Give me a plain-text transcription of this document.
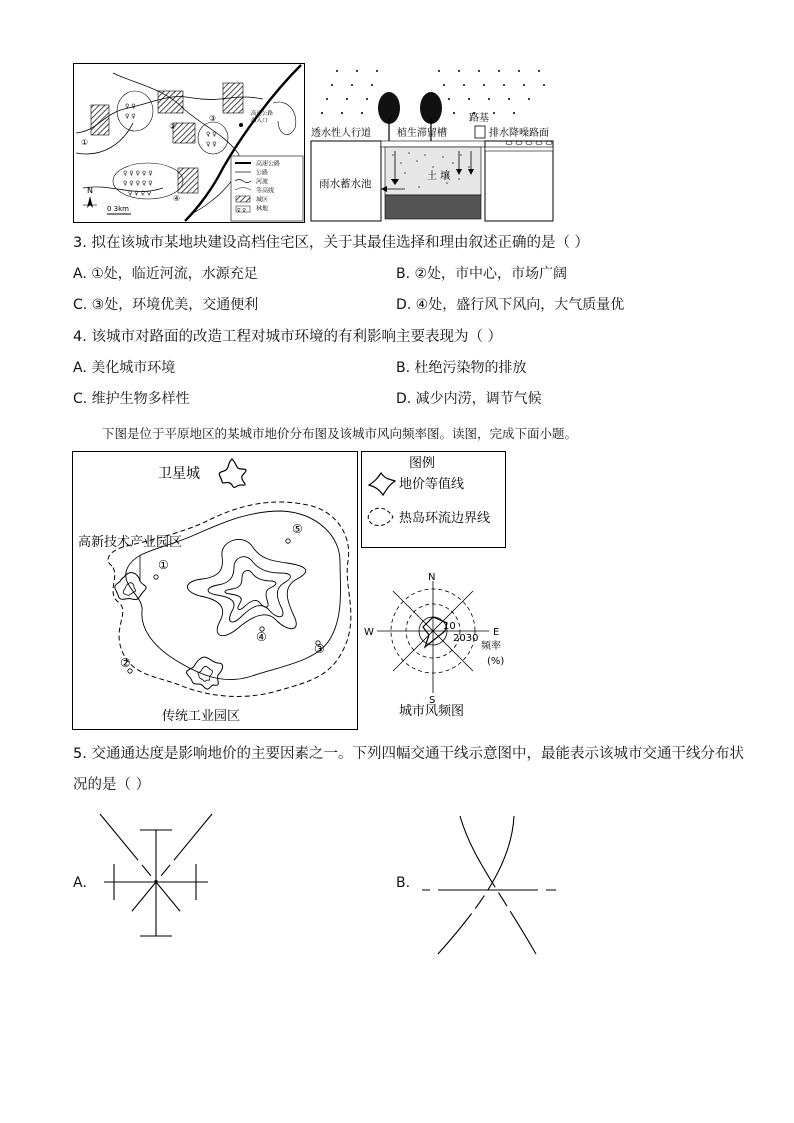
♀ ♀
♀ ♀
♀ ♀
♀ ♀
♀ ♀ ♀ ♀ ♀
♀ ♀ ♀ ♀ ♀
♀ ♀ ♀ ♀
高速公路出入口
①
②
③
④
N
0 3km
高速公路
公路
河流
等高线
城区
♀ ♀ 林地
雨水蓄水池
透水性人行道	植生滞留槽
路基
排水降噪路面
土 壤
3. 拟在该城市某地块建设高档住宅区，关于其最佳选择和理由叙述正确的是（ ）
A. ①处，临近河流，水源充足	B. ②处，市中心，市场广阔
C. ③处，环境优美，交通便利	D. ④处，盛行风下风向，大气质量优
4. 该城市对路面的改造工程对城市环境的有利影响主要表现为（ ）
A. 美化城市环境	B. 杜绝污染物的排放
C. 维护生物多样性	D. 减少内涝，调节气候
下图是位于平原地区的某城市地价分布图及该城市风向频率图。读图，完成下面小题。
卫星城
高新技术产业园区
传统工业园区
①
②
③
④
⑤
图例
地价等值线
热岛环流边界线
N
S
W	E
10
2030
频率
(%)
城市风频图
5. 交通通达度是影响地价的主要因素之一。下列四幅交通干线示意图中，最能表示该城市交通干线分布状
况的是（ ）
A.	B.
